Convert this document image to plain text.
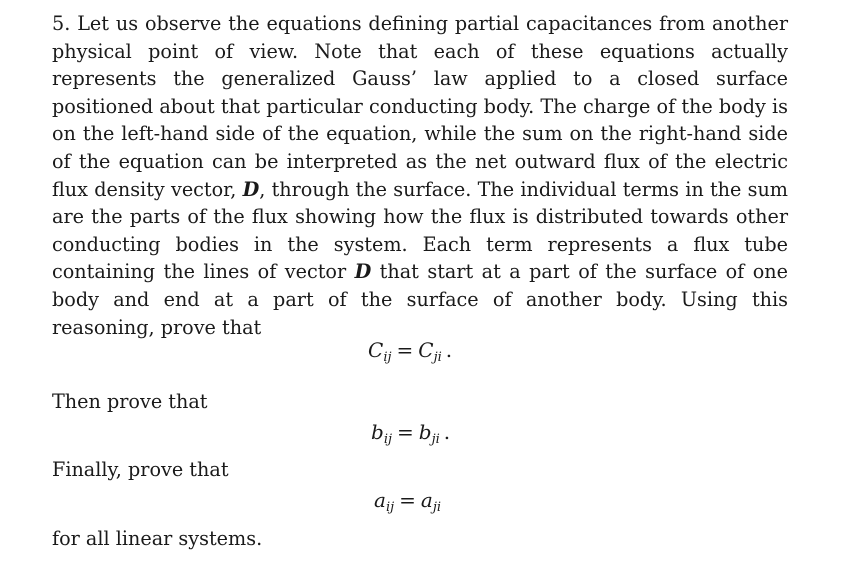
5. Let us observe the equations defining partial capacitances from another physical point of view. Note that each of these equations actually represents the generalized Gauss’ law applied to a closed surface positioned about that particular conducting body. The charge of the body is on the left-hand side of the equation, while the sum on the right-hand side of the equation can be interpreted as the net outward flux of the electric flux density vector, D, through the surface. The individual terms in the sum are the parts of the flux showing how the flux is distributed towards other conducting bodies in the system. Each term represents a flux tube containing the lines of vector D that start at a part of the surface of one body and end at a part of the surface of another body. Using this reasoning, prove that
$C_{ij} = C_{ji}$ .
Then prove that
$b_{ij} = b_{ji}$ .
Finally, prove that
$a_{ij} = a_{ji}$
for all linear systems.
